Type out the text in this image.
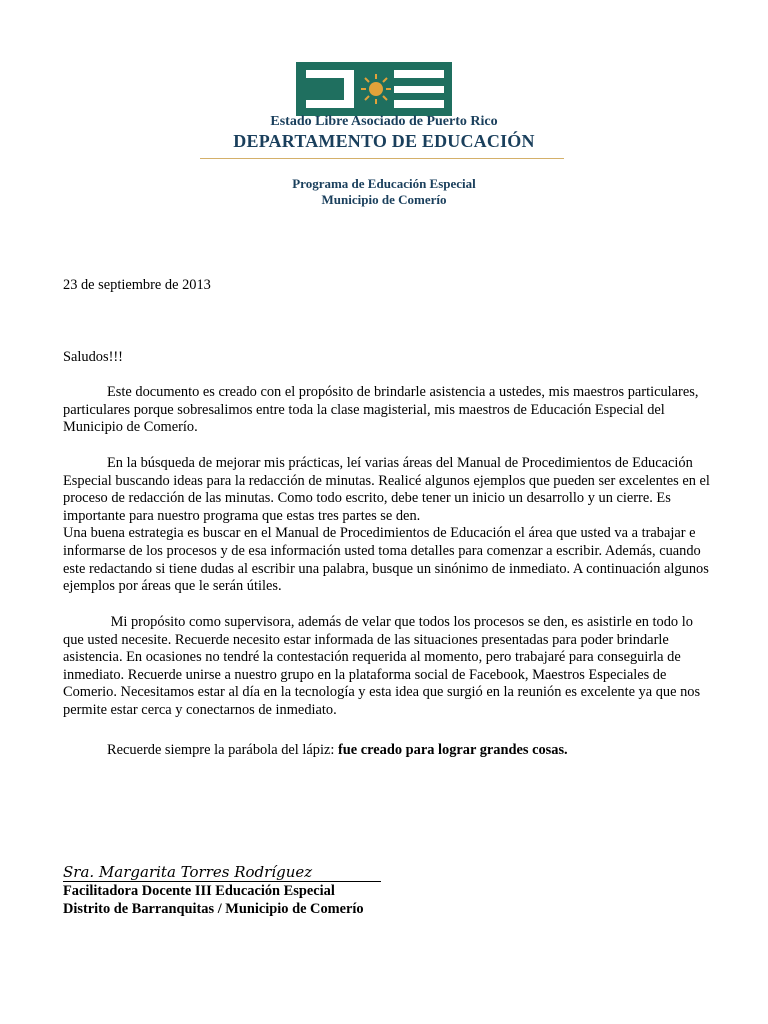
Estado Libre Asociado de Puerto Rico
DEPARTAMENTO DE EDUCACIÓN
Programa de Educación Especial
Municipio de Comerío
23 de septiembre de 2013
Saludos!!!

Este documento es creado con el propósito de brindarle asistencia a ustedes, mis maestros particulares, particulares porque sobresalimos entre toda la clase magisterial, mis maestros de Educación Especial del Municipio de Comerío.

En la búsqueda de mejorar mis prácticas, leí varias áreas del Manual de Procedimientos de Educación Especial buscando ideas para la redacción de minutas. Realicé algunos ejemplos que pueden ser excelentes en el proceso de redacción de las minutas. Como todo escrito, debe tener un inicio un desarrollo y un cierre. Es importante para nuestro programa que estas tres partes se den.

Una buena estrategia es buscar en el Manual de Procedimientos de Educación el área que usted va a trabajar e informarse de los procesos y de esa información usted toma detalles para comenzar a escribir. Además, cuando este redactando si tiene dudas al escribir una palabra, busque un sinónimo de inmediato. A continuación algunos ejemplos por áreas que le serán útiles.

Mi propósito como supervisora, además de velar que todos los procesos se den, es asistirle en todo lo que usted necesite. Recuerde necesito estar informada de las situaciones presentadas para poder brindarle asistencia. En ocasiones no tendré la contestación requerida al momento, pero trabajaré para conseguirla de inmediato. Recuerde unirse a nuestro grupo en la plataforma social de Facebook, Maestros Especiales de Comerio. Necesitamos estar al día en la tecnología y esta idea que surgió en la reunión es excelente ya que nos permite estar cerca y conectarnos de inmediato.

Recuerde siempre la parábola del lápiz: fue creado para lograr grandes cosas.

Sra. Margarita Torres Rodríguez
Facilitadora Docente III Educación Especial
Distrito de Barranquitas / Municipio de Comerío
